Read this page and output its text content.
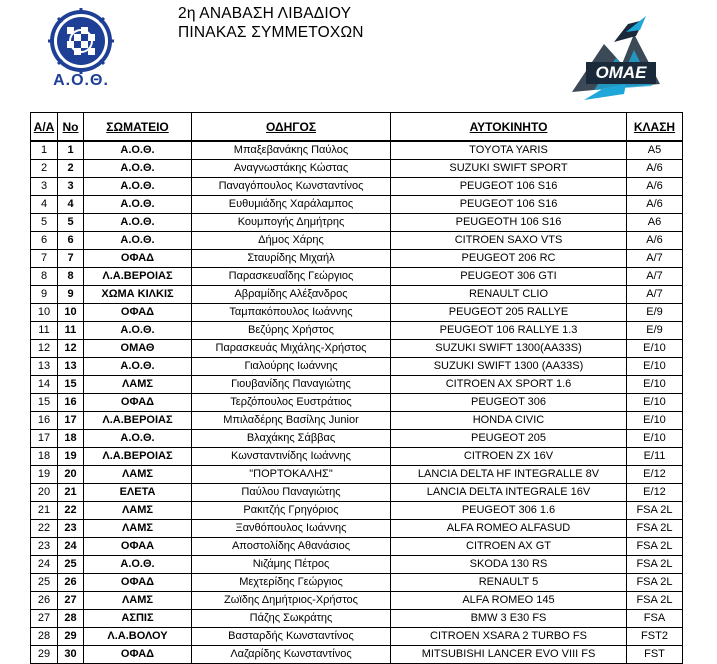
Α.Ο.Θ.
2η ΑΝΑΒΑΣΗ ΛΙΒΑΔΙΟΥ
ΠΙΝΑΚΑΣ ΣΥΜΜΕΤΟΧΩΝ
ΟΜΑΕ
Α/Α	Νο	ΣΩΜΑΤΕΙΟ	ΟΔΗΓΟΣ	ΑΥΤΟΚΙΝΗΤΟ	ΚΛΑΣΗ
1	1	Α.Ο.Θ.	Μπαξεβανάκης Παύλος	TOYOTA YARIS	A5
2	2	Α.Ο.Θ.	Αναγνωστάκης Κώστας	SUZUKI SWIFT SPORT	A/6
3	3	Α.Ο.Θ.	Παναγόπουλος Κωνσταντίνος	PEUGEOT 106 S16	A/6
4	4	Α.Ο.Θ.	Ευθυμιάδης Χαράλαμπος	PEUGEOT 106 S16	A/6
5	5	Α.Ο.Θ.	Κουμπογής Δημήτρης	PEUGEOTH 106 S16	A6
6	6	Α.Ο.Θ.	Δήμος Χάρης	CITROEN SAXO VTS	A/6
7	7	ΟΦΑΔ	Σταυρίδης Μιχαήλ	PEUGEOT 206 RC	A/7
8	8	Λ.Α.ΒΕΡΟΙΑΣ	Παρασκευαΐδης Γεώργιος	PEUGEOT 306 GTI	A/7
9	9	ΧΩΜΑ ΚΙΛΚΙΣ	Αβραμίδης Αλέξανδρος	RENAULT CLIO	A/7
10	10	ΟΦΑΔ	Ταμπακόπουλος Ιωάννης	PEUGEOT 205 RALLYE	E/9
11	11	Α.Ο.Θ.	Βεζύρης Χρήστος	PEUGEOT 106 RALLYE 1.3	E/9
12	12	ΟΜΑΘ	Παρασκευάς Μιχάλης-Χρήστος	SUZUKI SWIFT 1300(AA33S)	E/10
13	13	Α.Ο.Θ.	Γιαλούρης Ιωάννης	SUZUKI SWIFT 1300 (AA33S)	E/10
14	15	ΛΑΜΣ	Γιουβανίδης Παναγιώτης	CITROEN AX SPORT 1.6	E/10
15	16	ΟΦΑΔ	Τερζόπουλος Ευστράτιος	PEUGEOT 306	E/10
16	17	Λ.Α.ΒΕΡΟΙΑΣ	Μπιλαδέρης Βασίλης Junior	HONDA CIVIC	E/10
17	18	Α.Ο.Θ.	Βλαχάκης Σάββας	PEUGEOT 205	E/10
18	19	Λ.Α.ΒΕΡΟΙΑΣ	Κωνσταντινίδης Ιωάννης	CITROEN ZX 16V	E/11
19	20	ΛΑΜΣ	"ΠΟΡΤΟΚΑΛΗΣ"	LANCIA DELTA HF INTEGRALLE 8V	E/12
20	21	ΕΛΕΤΑ	Παύλου Παναγιώτης	LANCIA DELTA INTEGRALE 16V	E/12
21	22	ΛΑΜΣ	Ρακιτζής Γρηγόριος	PEUGEOT 306 1.6	FSA 2L
22	23	ΛΑΜΣ	Ξανθόπουλος Ιωάννης	ALFA ROMEO ALFASUD	FSA 2L
23	24	ΟΦΑΑ	Αποστολίδης Αθανάσιος	CITROEN AX GT	FSA 2L
24	25	Α.Ο.Θ.	Νιζάμης Πέτρος	SKODA 130 RS	FSA 2L
25	26	ΟΦΑΔ	Μεχτερίδης Γεώργιος	RENAULT 5	FSA 2L
26	27	ΛΑΜΣ	Ζωϊδης Δημήτριος-Χρήστος	ALFA ROMEO 145	FSA 2L
27	28	ΑΣΠΙΣ	Πάζης Σωκράτης	BMW 3 E30 FS	FSA
28	29	Λ.Α.ΒΟΛΟΥ	Βασταρδής Κωνσταντίνος	CITROEN XSARA 2 TURBO FS	FST2
29	30	ΟΦΑΔ	Λαζαρίδης Κωνσταντίνος	MITSUBISHI LANCER EVO VIII FS	FST
